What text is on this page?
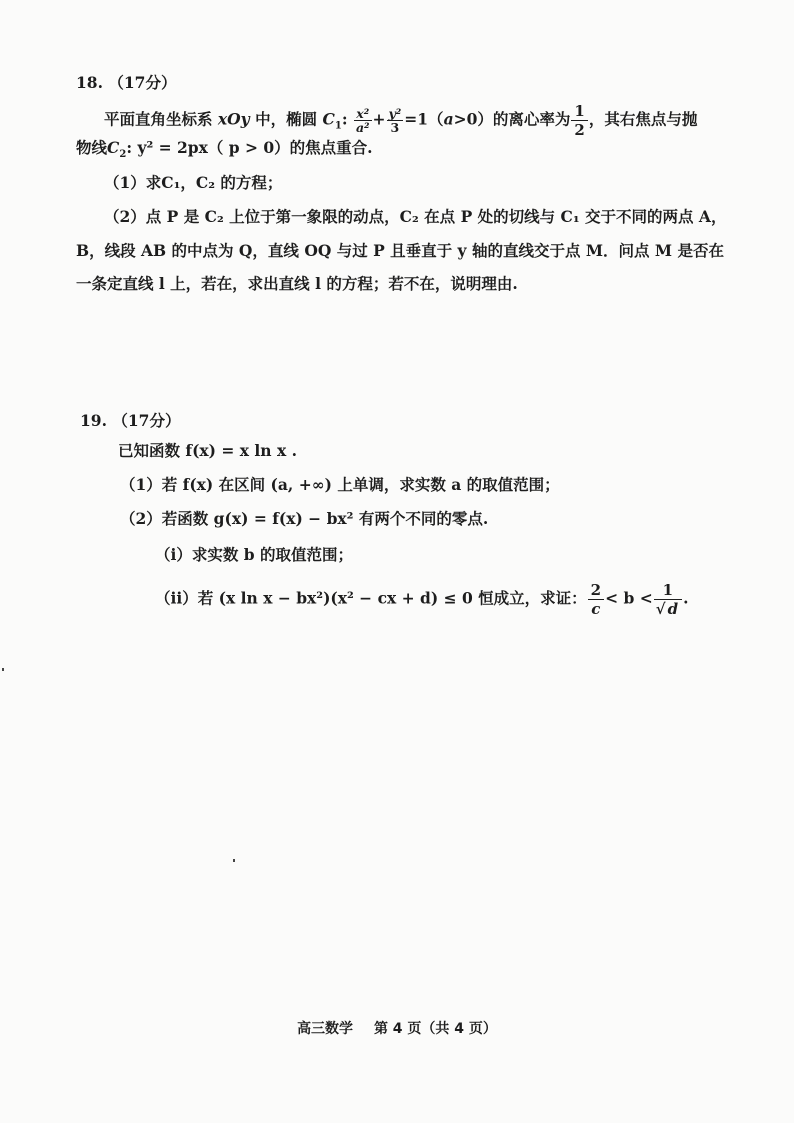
18. （17分）
平面直角坐标系 xOy 中，椭圆 $C_1$: $\frac{\text{x²}}{\text{a²}} + \frac{\text{y²}}{3} =1(a>0)$的离心率为 $\frac{1}{2}$ ，其右焦点与抛
物线$C_2$: y² = 2px（ p > 0）的焦点重合.
（1）求C₁，C₂ 的方程；
（2）点 P 是 C₂ 上位于第一象限的动点，C₂ 在点 P 处的切线与 C₁ 交于不同的两点 A，
B，线段 AB 的中点为 Q，直线 OQ 与过 P 且垂直于 y 轴的直线交于点 M．问点 M 是否在
一条定直线 l 上，若在，求出直线 l 的方程；若不在，说明理由.
19. （17分）
已知函数 f(x) = x ln x .
（1）若 f(x) 在区间 (a, +∞) 上单调，求实数 a 的取值范围；
（2）若函数 g(x) = f(x) − bx² 有两个不同的零点.
（i）求实数 b 的取值范围；
（ii）若 (x ln x − bx²)(x² − cx + d) ≤ 0 恒成立，求证： $\frac{2}{c} < b < \frac{1}{√ d}$ .
高三数学 第 4 页（共 4 页）
